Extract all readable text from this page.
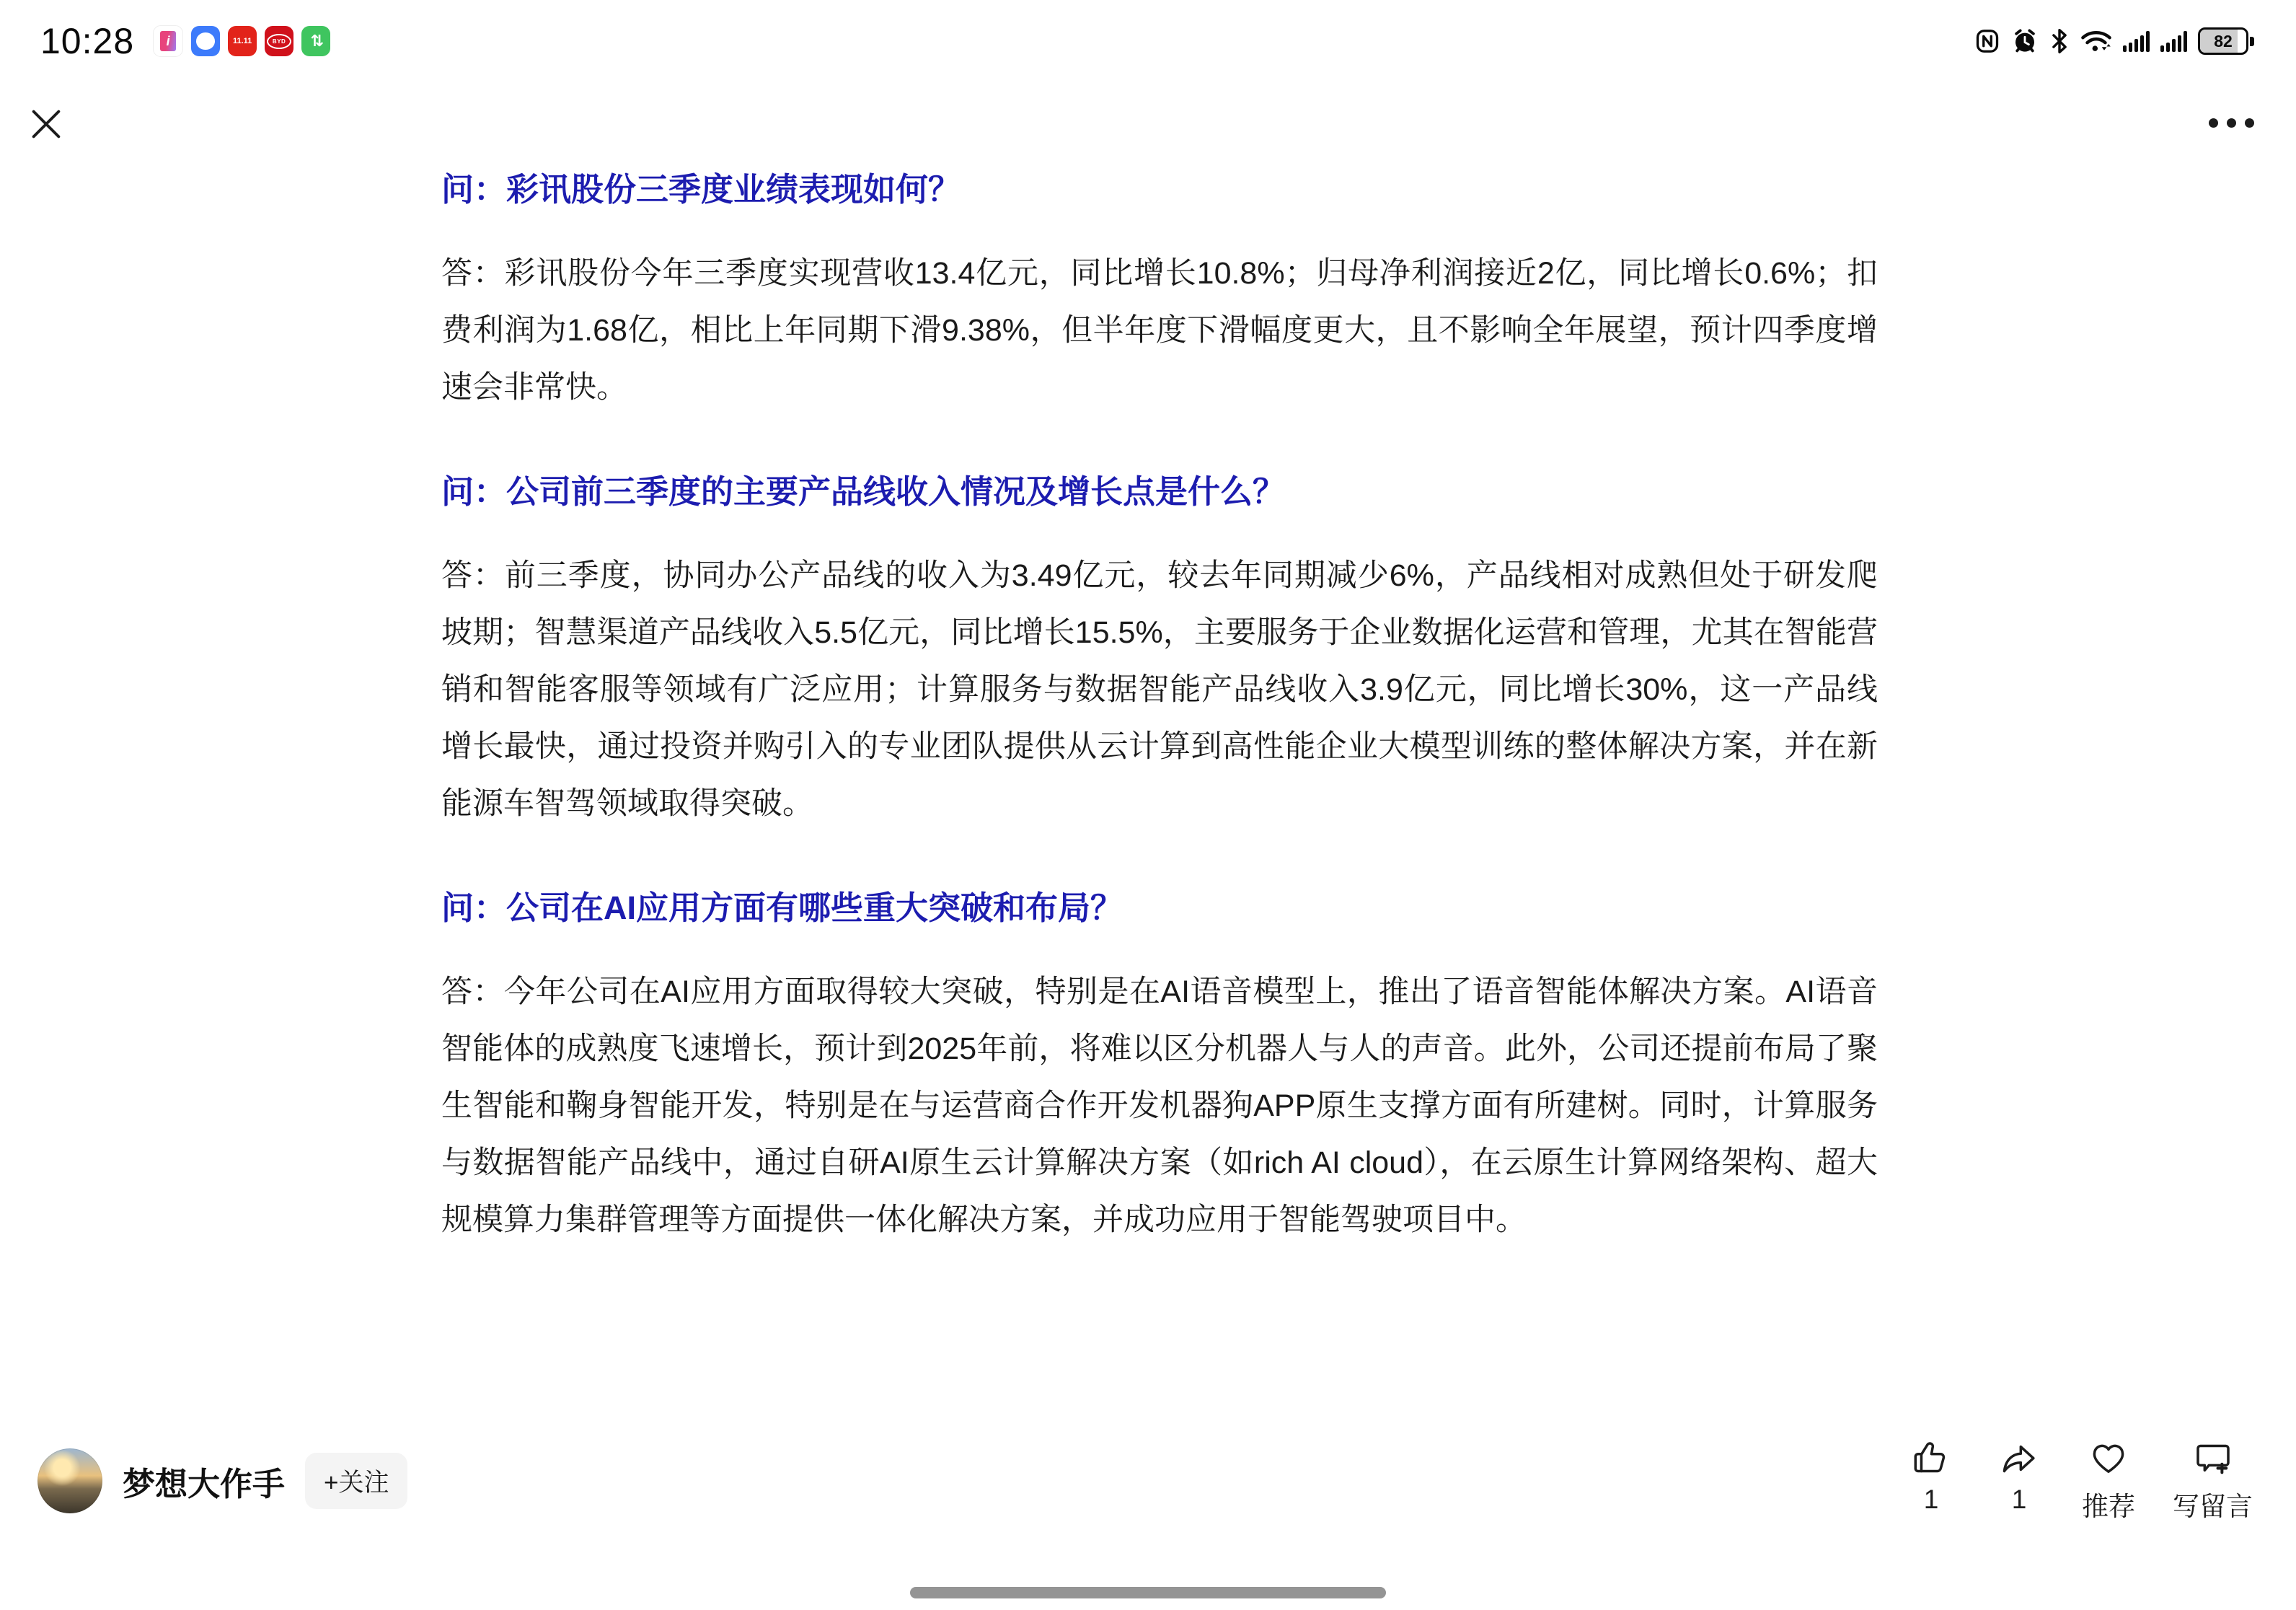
10:28	i	11.11	BYD	⇅	82

问：彩讯股份三季度业绩表现如何？

答：彩讯股份今年三季度实现营收13.4亿元，同比增长10.8%；归母净利润接近2亿，同比增长0.6%；扣费利润为1.68亿，相比上年同期下滑9.38%，但半年度下滑幅度更大，且不影响全年展望，预计四季度增速会非常快。

问：公司前三季度的主要产品线收入情况及增长点是什么？

答：前三季度，协同办公产品线的收入为3.49亿元，较去年同期减少6%，产品线相对成熟但处于研发爬坡期；智慧渠道产品线收入5.5亿元，同比增长15.5%，主要服务于企业数据化运营和管理，尤其在智能营销和智能客服等领域有广泛应用；计算服务与数据智能产品线收入3.9亿元，同比增长30%，这一产品线增长最快，通过投资并购引入的专业团队提供从云计算到高性能企业大模型训练的整体解决方案，并在新能源车智驾领域取得突破。

问：公司在AI应用方面有哪些重大突破和布局？

答：今年公司在AI应用方面取得较大突破，特别是在AI语音模型上，推出了语音智能体解决方案。AI语音智能体的成熟度飞速增长，预计到2025年前，将难以区分机器人与人的声音。此外，公司还提前布局了聚生智能和鞠身智能开发，特别是在与运营商合作开发机器狗APP原生支撑方面有所建树。同时，计算服务与数据智能产品线中，通过自研AI原生云计算解决方案（如rich AI cloud），在云原生计算网络架构、超大规模算力集群管理等方面提供一体化解决方案，并成功应用于智能驾驶项目中。

梦想大作手	+关注
1	1 推荐 写留言
